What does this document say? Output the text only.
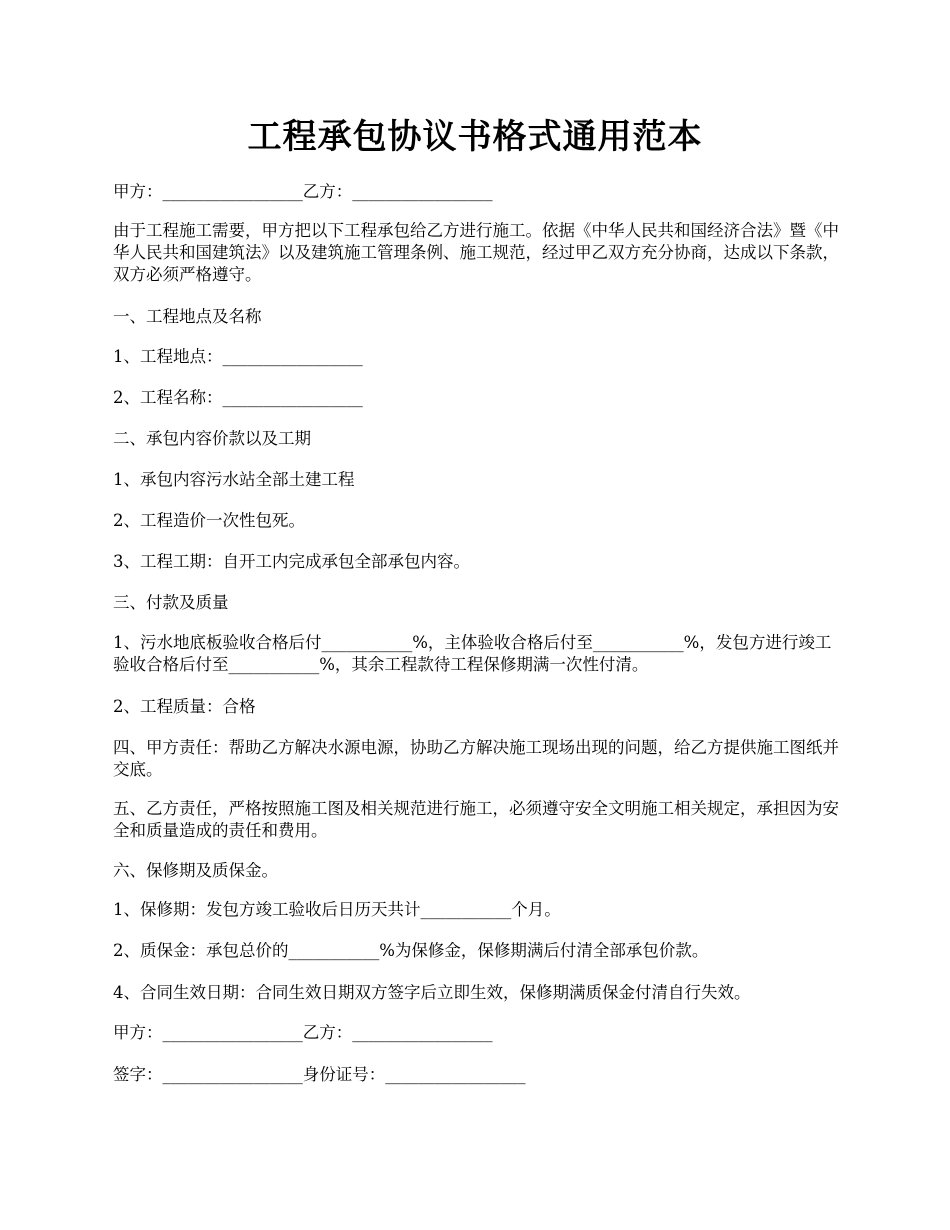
工程承包协议书格式通用范本
甲方：_________________乙方：_________________
由于工程施工需要，甲方把以下工程承包给乙方进行施工。依据《中华人民共和国经济合法》暨《中华人民共和国建筑法》以及建筑施工管理条例、施工规范，经过甲乙双方充分协商，达成以下条款，双方必须严格遵守。
一、工程地点及名称
1、工程地点：_________________
2、工程名称：_________________
二、承包内容价款以及工期
1、承包内容污水站全部土建工程
2、工程造价一次性包死。
3、工程工期：自开工内完成承包全部承包内容。
三、付款及质量
1、污水地底板验收合格后付___________%，主体验收合格后付至___________%，发包方进行竣工验收合格后付至___________%，其余工程款待工程保修期满一次性付清。
2、工程质量：合格
四、甲方责任：帮助乙方解决水源电源，协助乙方解决施工现场出现的问题，给乙方提供施工图纸并交底。
五、乙方责任，严格按照施工图及相关规范进行施工，必须遵守安全文明施工相关规定，承担因为安全和质量造成的责任和费用。
六、保修期及质保金。
1、保修期：发包方竣工验收后日历天共计___________个月。
2、质保金：承包总价的___________%为保修金，保修期满后付清全部承包价款。
4、合同生效日期：合同生效日期双方签字后立即生效，保修期满质保金付清自行失效。
甲方：_________________乙方：_________________
签字：_________________身份证号：_________________
